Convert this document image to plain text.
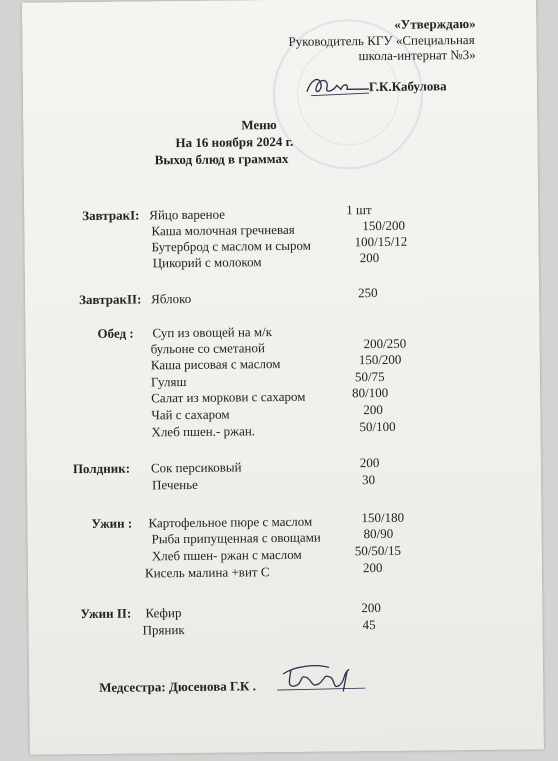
«Утверждаю»
Руководитель КГУ «Специальная
школа-интернат №3»
Г.К.Кабулова
Меню
На 16 ноября 2024 г.
Выход блюд в граммах
ЗавтракI: Яйцо вареное	1 шт
Каша молочная гречневая	150/200
Бутерброд с маслом и сыром	100/15/12
Цикорий с молоком	200
ЗавтракII: Яблоко	250
Обед : Суп из овощей на м/к
бульоне со сметаной	200/250
Каша рисовая с маслом	150/200
Гуляш	50/75
Салат из моркови с сахаром	80/100
Чай с сахаром	200
Хлеб пшен.- ржан.	50/100
Полдник: Сок персиковый	200
Печенье	30
Ужин : Картофельное пюре с маслом	150/180
Рыба припущенная с овощами	80/90
Хлеб пшен- ржан с маслом	50/50/15
Кисель малина +вит С	200
Ужин II: Кефир	200
Пряник	45
Медсестра: Дюсенова Г.К .
